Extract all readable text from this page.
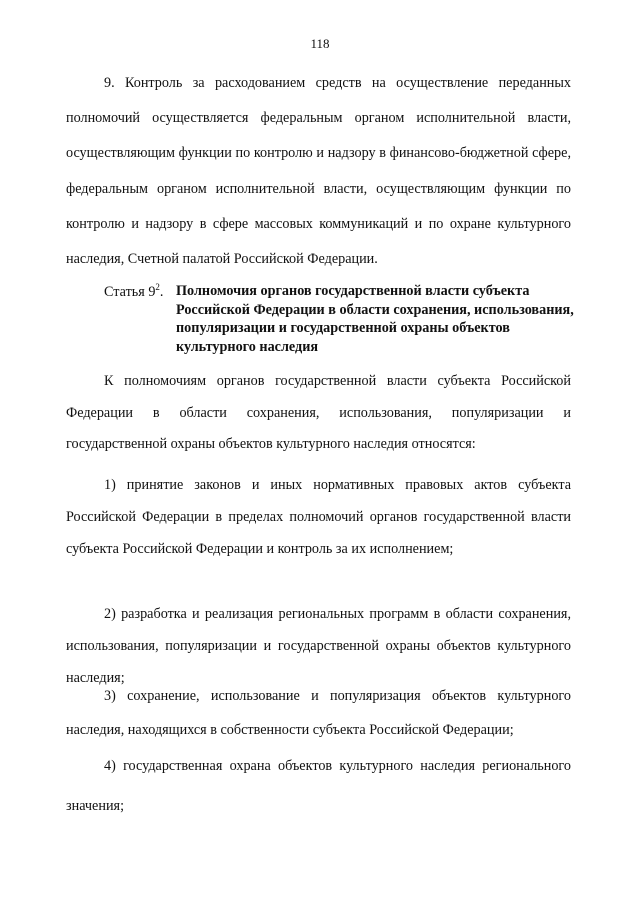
118

9. Контроль за расходованием средств на осуществление переданных полномочий осуществляется федеральным органом исполнительной власти, осуществляющим функции по контролю и надзору в финансово-бюджетной сфере, федеральным органом исполнительной власти, осуществляющим функции по контролю и надзору в сфере массовых коммуникаций и по охране культурного наследия, Счетной палатой Российской Федерации.

Статья $9^2$. Полномочия органов государственной власти субъекта Российской Федерации в области сохранения, использования, популяризации и государственной охраны объектов культурного наследия

К полномочиям органов государственной власти субъекта Российской Федерации в области сохранения, использования, популяризации и государственной охраны объектов культурного наследия относятся:

1) принятие законов и иных нормативных правовых актов субъекта Российской Федерации в пределах полномочий органов государственной власти субъекта Российской Федерации и контроль за их исполнением;

2) разработка и реализация региональных программ в области сохранения, использования, популяризации и государственной охраны объектов культурного наследия;

3) сохранение, использование и популяризация объектов культурного наследия, находящихся в собственности субъекта Российской Федерации;

4) государственная охрана объектов культурного наследия регионального значения;
